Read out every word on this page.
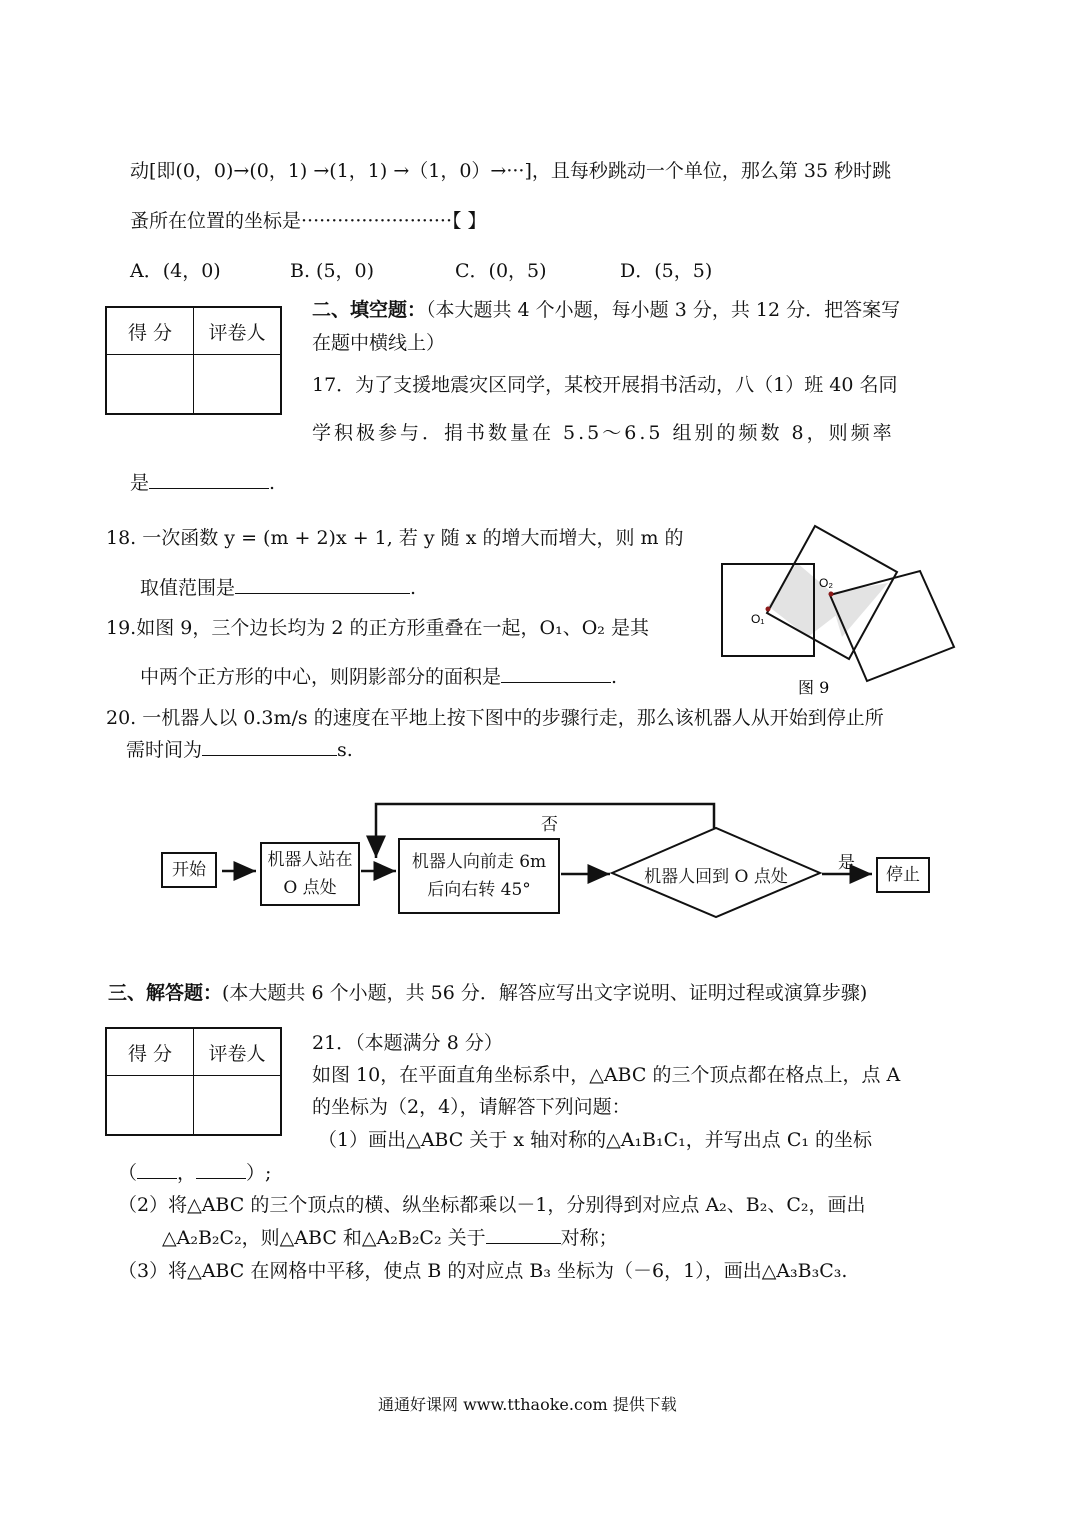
动[即(0，0)→(0，1) →(1，1) →（1，0）→···]，且每秒跳动一个单位，那么第 35 秒时跳
蚤所在位置的坐标是·························【 】
A．(4，0)	B. (5，0)	C．(0，5)	D．(5，5)
得 分	评卷人

二、填空题：（本大题共 4 个小题，每小题 3 分，共 12 分．把答案写
在题中横线上）
17．为了支援地震灾区同学，某校开展捐书活动，八（1）班 40 名同
学积极参与．捐书数量在 5.5～6.5 组别的频数 8，则频率
是	.
18. 一次函数 y = (m + 2)x + 1, 若 y 随 x 的增大而增大，则 m 的
取值范围是	.
19.如图 9，三个边长均为 2 的正方形重叠在一起，O₁、O₂ 是其
中两个正方形的中心，则阴影部分的面积是	.
O₁
O₂
图 9
20. 一机器人以 0.3m/s 的速度在平地上按下图中的步骤行走，那么该机器人从开始到停止所
需时间为	s.
开始	机器人站在
O 点处
机器人向前走 6m
后向右转 45°
机器人回到 O 点处
否
是
停止
三、解答题：(本大题共 6 个小题，共 56 分．解答应写出文字说明、证明过程或演算步骤)
得 分	评卷人
	21．（本题满分 8 分）
如图 10，在平面直角坐标系中，△ABC 的三个顶点都在格点上，点 A
的坐标为（2，4），请解答下列问题：
（1）画出△ABC 关于 x 轴对称的△A₁B₁C₁，并写出点 C₁ 的坐标
（ ，	）;
（2）将△ABC 的三个顶点的横、纵坐标都乘以－1，分别得到对应点 A₂、B₂、C₂，画出
△A₂B₂C₂，则△ABC 和△A₂B₂C₂ 关于	对称；
（3）将△ABC 在网格中平移，使点 B 的对应点 B₃ 坐标为（－6，1），画出△A₃B₃C₃.
通通好课网 www.tthaoke.com 提供下载
